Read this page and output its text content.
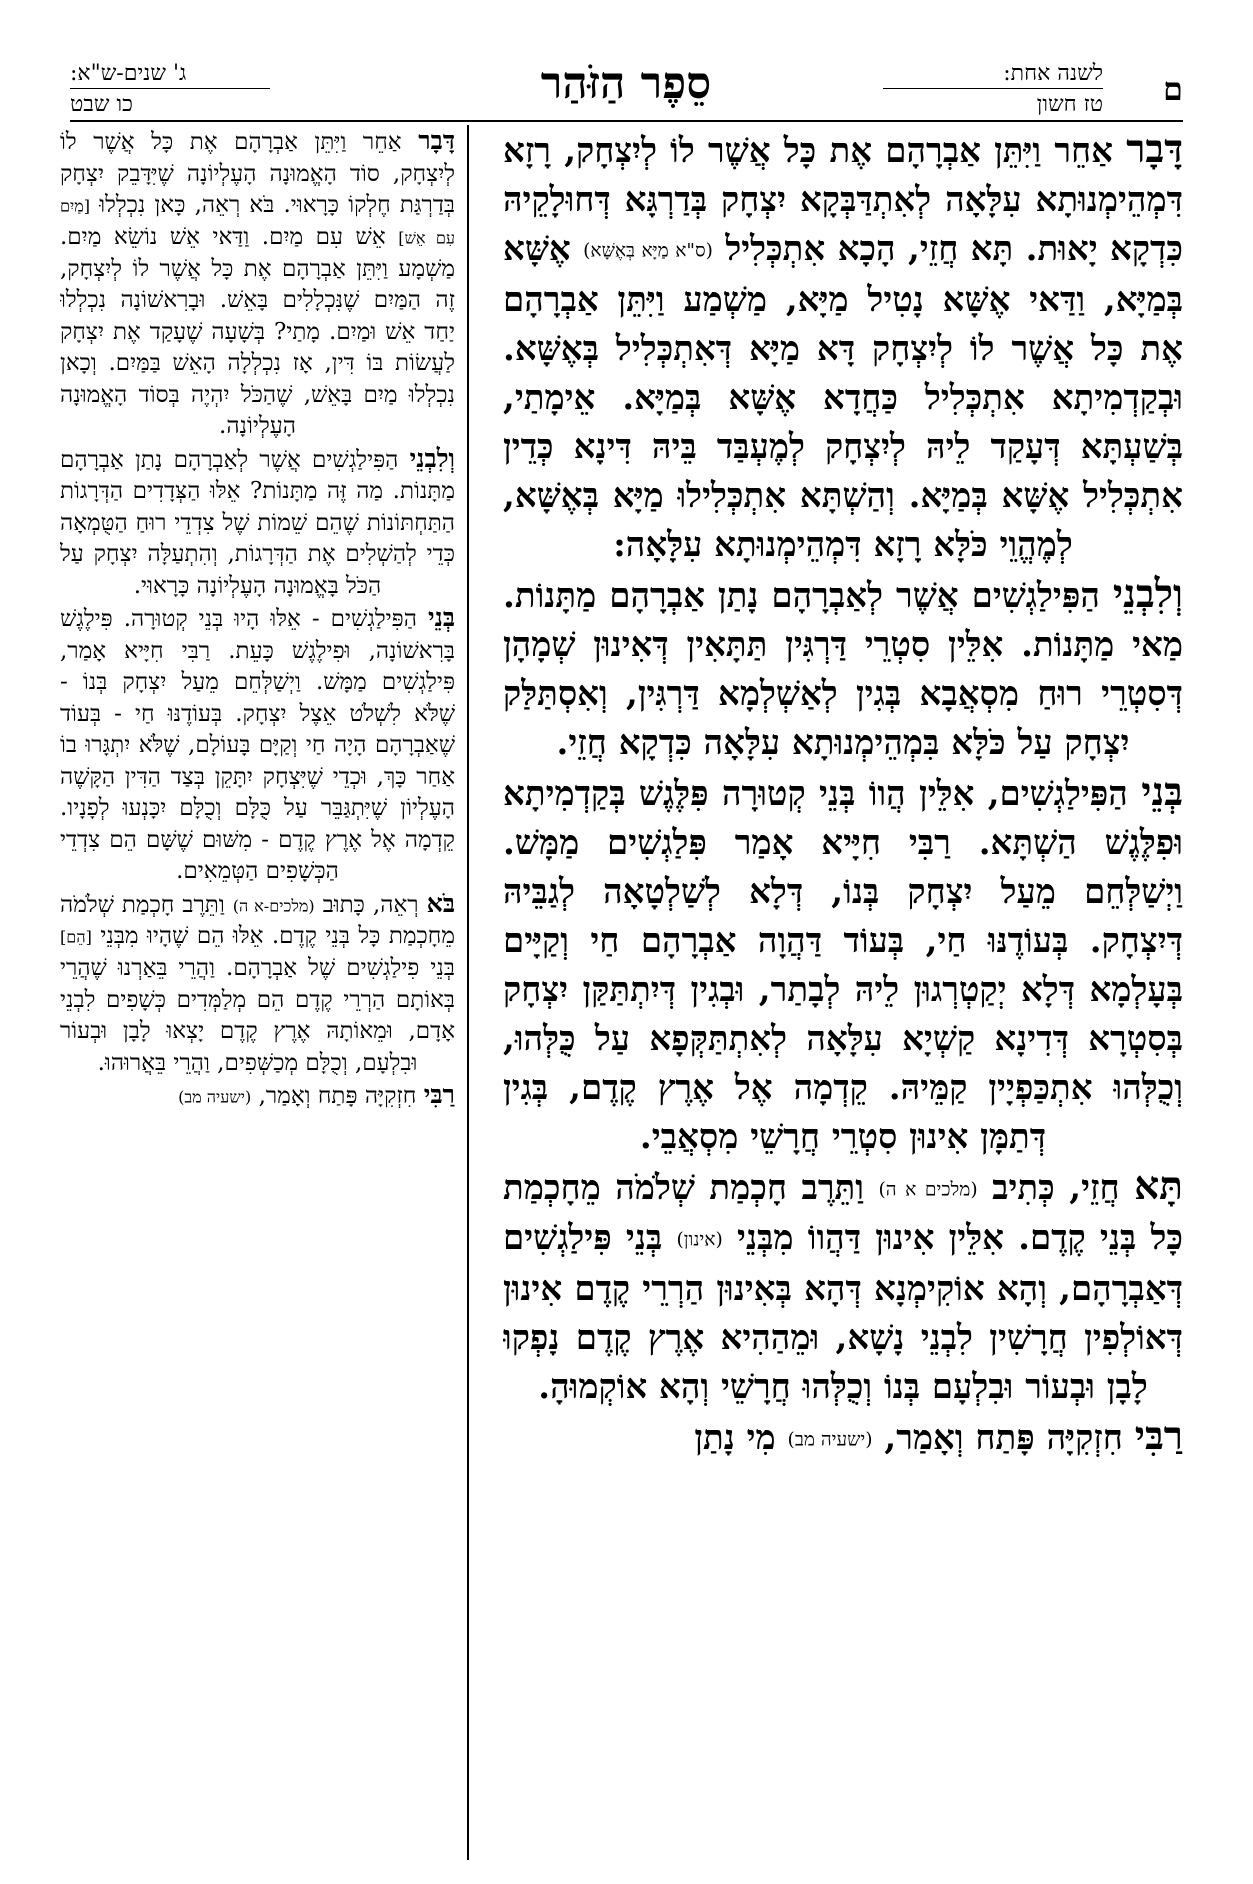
ם
לשנה אחת:
טז חשון
סֵפֶר הַזֹּהַר
ג' שנים-ש"א:
כו שבט

דָּבָר אַחֵר וַיִּתֵּן אַבְרָהָם אֶת כָּל אֲשֶׁר לוֹ לְיִצְחָק, רָזָא דִּמְהֵימְנוּתָא עִלָּאָה לְאִתְדַּבְּקָא יִצְחָק בְּדַרְגָּא דְּחוּלָקֵיהּ כִּדְקָא יָאוּת. תָּא חֲזֵי, הָכָא אִתְכְּלִיל (ס"א מַיָּא בְּאֶשָּׁא) אֶשָּׁא בְּמַיָּא, וַדַּאי אֶשָּׁא נָטִיל מַיָּא, מַשְׁמַע וַיִּתֵּן אַבְרָהָם אֶת כָּל אֲשֶׁר לוֹ לְיִצְחָק דָּא מַיָּא דְּאִתְכְּלִיל בְּאֶשָּׁא. וּבְקַדְמִיתָא אִתְכְּלִיל כַּחֲדָא אֶשָּׁא בְּמַיָּא. אֵימָתַי, בְּשַׁעְתָּא דְּעָקַד לֵיהּ לְיִצְחָק לְמֶעְבַּד בֵּיהּ דִּינָא כְּדֵין אִתְכְּלִיל אֶשָּׁא בְּמַיָּא. וְהַשְׁתָּא אִתְכְּלִילוּ מַיָּא בְּאֶשָּׁא, לְמֶהֱוֵי כֹּלָּא רָזָא דִּמְהֵימְנוּתָא עִלָּאָה:

וְלִבְנֵי הַפִּילַגְשִׁים אֲשֶׁר לְאַבְרָהָם נָתַן אַבְרָהָם מַתָּנוֹת. מַאי מַתָּנוֹת. אִלֵּין סִטְרֵי דַּרְגִּין תַּתָּאִין דְּאִינוּן שְׁמָהָן דְּסִטְרֵי רוּחַ מִסְאֲבָא בְּגִין לְאַשְׁלְמָא דַּרְגִּין, וְאִסְתַּלַּק יִצְחָק עַל כֹּלָּא בִּמְהֵימְנוּתָא עִלָּאָה כִּדְקָא חֲזֵי.

בְּנֵי הַפִּילַגְשִׁים, אִלֵּין הֲווֹ בְּנֵי קְטוּרָה פִּלֶּגֶשׁ בְּקַדְמִיתָא וּפִלֶּגֶשׁ הַשְׁתָּא. רַבִּי חִיָּיא אָמַר פִּלַגְשִׁים מַמָּשׁ. וַיְשַׁלְּחֵם מֵעַל יִצְחָק בְּנוֹ, דְּלָא לְשַׁלְטָאָה לְגַבֵּיהּ דְּיִצְחָק. בְּעוֹדֶנּוּ חַי, בְּעוֹד דַּהֲוָה אַבְרָהָם חַי וְקַיָּים בְּעָלְמָא דְּלָא יְקַטְרְגוּן לֵיהּ לְבָתַר, וּבְגִין דְּיִתְתַּקַּן יִצְחָק בְּסִטְרָא דְּדִינָא קַשְׁיָא עִלָּאָה לְאִתְתַּקְּפָא עַל כֻּלְּהוּ, וְכֻלְּהוּ אִתְכַּפְיָין קַמֵּיהּ. קֵדְמָה אֶל אֶרֶץ קֶדֶם, בְּגִין דְּתַמָּן אִינוּן סִטְרֵי חֲרָשֵׁי מִסְאֲבֵי.

תָּא חֲזֵי, כְּתִיב (מלכים א ה) וַתֵּרֶב חָכְמַת שְׁלֹמֹה מֵחָכְמַת כָּל בְּנֵי קֶדֶם. אִלֵּין אִינוּן דַּהֲווֹ מִבְּנֵי (אינון) בְּנֵי פִּילַגְשִׁים דְּאַבְרָהָם, וְהָא אוֹקִימְנָא דְּהָא בְּאִינוּן הַרְרֵי קֶדֶם אִינוּן דְּאוֹלְפִין חֲרָשִׁין לִבְנֵי נָשָׁא, וּמֵהַהִיא אֶרֶץ קֶדֶם נָפְקוּ לָבָן וּבְעוֹר וּבִלְעָם בְּנוֹ וְכֻלְּהוּ חֲרָשֵׁי וְהָא אוֹקְמוּהָ.

רַבִּי חִזְקִיָּה פָּתַח וְאָמַר, (ישעיה מב) מִי נָתַן

דָּבָר אַחֵר וַיִּתֵּן אַבְרָהָם אֶת כָּל אֲשֶׁר לוֹ לְיִצְחָק, סוֹד הָאֱמוּנָה הָעֶלְיוֹנָה שֶׁיִּדָּבֵק יִצְחָק בְּדַרְגַּת חֶלְקוֹ כָּרָאוּי. בֹּא רְאֵה, כָּאן נִכְלְלוּ [מַיִם עִם אֵשׁ] אֵשׁ עִם מַיִם. וַדַּאי אֵשׁ נוֹשֵׂא מַיִם. מַשְׁמָע וַיִּתֵּן אַבְרָהָם אֶת כָּל אֲשֶׁר לוֹ לְיִצְחָק, זֶה הַמַּיִם שֶׁנִּכְלָלִים בָּאֵשׁ. וּבָרִאשׁוֹנָה נִכְלְלוּ יַחַד אֵשׁ וּמַיִם. מָתַי? בְּשָׁעָה שֶׁעָקַד אֶת יִצְחָק לַעֲשׂוֹת בּוֹ דִּין, אָז נִכְלְלָה הָאֵשׁ בַּמַּיִם. וְכָאן נִכְלְלוּ מַיִם בָּאֵשׁ, שֶׁהַכֹּל יִהְיֶה בְּסוֹד הָאֱמוּנָה הָעֶלְיוֹנָה.

וְלִבְנֵי הַפִּילַגְשִׁים אֲשֶׁר לְאַבְרָהָם נָתַן אַבְרָהָם מַתָּנוֹת. מַה זֶּה מַתָּנוֹת? אֵלּוּ הַצְּדָדִים הַדְּרָגוֹת הַתַּחְתּוֹנוֹת שֶׁהֵם שֵׁמוֹת שֶׁל צִדְדֵי רוּחַ הַטֻּמְאָה כְּדֵי לְהַשְׁלִים אֶת הַדְּרָגוֹת, וְהִתְעַלָּה יִצְחָק עַל הַכֹּל בָּאֱמוּנָה הָעֶלְיוֹנָה כָּרָאוּי.

בְּנֵי הַפִּילַגְשִׁים - אֵלּוּ הָיוּ בְּנֵי קְטוּרָה. פִּילֶגֶשׁ בָּרִאשׁוֹנָה, וּפִילֶגֶשׁ כָּעֵת. רַבִּי חִיָּיא אָמַר, פִּילַגְשִׁים מַמָּשׁ. וַיְשַׁלְּחֵם מֵעַל יִצְחָק בְּנוֹ - שֶׁלֹּא לִשְׁלֹט אֵצֶל יִצְחָק. בְּעוֹדֶנּוּ חַי - בְּעוֹד שֶׁאַבְרָהָם הָיָה חַי וְקַיָּם בָּעוֹלָם, שֶׁלֹּא יִתְגָּרוּ בוֹ אַחַר כָּךְ, וּכְדֵי שֶׁיִּצְחָק יִתָּקֵן בְּצַד הַדִּין הַקָּשֶׁה הָעֶלְיוֹן שֶׁיִּתְגַּבֵּר עַל כֻּלָּם וְכֻלָּם יִכָּנְעוּ לְפָנָיו. קֵדְמָה אֶל אֶרֶץ קֶדֶם - מִשּׁוּם שֶׁשָּׁם הֵם צִדְדֵי הַכְּשָׁפִים הַטְּמֵאִים.

בֹּא רְאֵה, כָּתוּב (מלכים-א ה) וַתֵּרֶב חָכְמַת שְׁלֹמֹה מֵחָכְמַת כָּל בְּנֵי קֶדֶם. אֵלּוּ הֵם שֶׁהָיוּ מִבְּנֵי [הֵם] בְּנֵי פִילַגְשִׁים שֶׁל אַבְרָהָם. וַהֲרֵי בֵּאַרְנוּ שֶׁהֲרֵי בְּאוֹתָם הַרְרֵי קֶדֶם הֵם מְלַמְּדִים כְּשָׁפִים לִבְנֵי אָדָם, וּמֵאוֹתָהּ אֶרֶץ קֶדֶם יָצְאוּ לָבָן וּבְעוֹר וּבִלְעָם, וְכֻלָּם מְכַשְּׁפִים, וַהֲרֵי בֵּאֲרוּהוּ.

רַבִּי חִזְקִיָּה פָּתַח וְאָמַר, (ישעיה מב)
